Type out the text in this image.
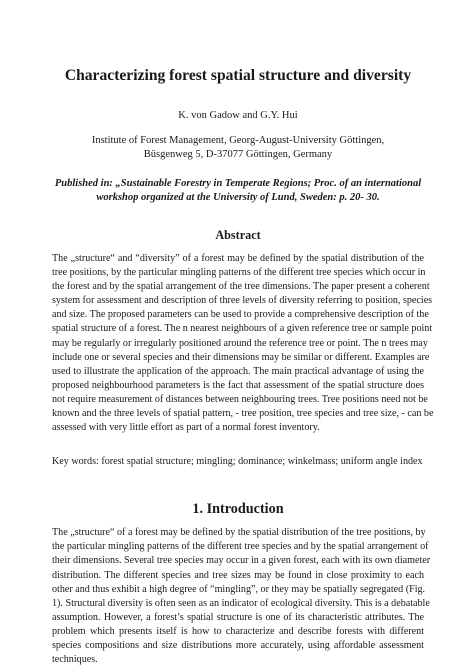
Characterizing forest spatial structure and diversity

K. von Gadow and G.Y. Hui

Institute of Forest Management, Georg-August-University Göttingen,
Büsgenweg 5, D-37077 Göttingen, Germany

Published in: „Sustainable Forestry in Temperate Regions; Proc. of an international
workshop organized at the University of Lund, Sweden: p. 20- 30.

Abstract

The „structure“ and “diversity” of a forest may be defined by the spatial distribution of the
tree positions, by the particular mingling patterns of the different tree species which occur in
the forest and by the spatial arrangement of the tree dimensions. The paper present a coherent
system for assessment and description of three levels of diversity referring to position, species
and size. The proposed parameters can be used to provide a comprehensive description of the
spatial structure of a forest. The n nearest neighbours of a given reference tree or sample point
may be regularly or irregularly positioned around the reference tree or point. The n trees may
include one or several species and their dimensions may be similar or different. Examples are
used to illustrate the application of the approach. The main practical advantage of using the
proposed neighbourhood parameters is the fact that assessment of the spatial structure does
not require measurement of distances between neighbouring trees. Tree positions need not be
known and the three levels of spatial pattern, - tree position, tree species and tree size, - can be
assessed with very little effort as part of a normal forest inventory.

Key words: forest spatial structure; mingling; dominance; winkelmass; uniform angle index

1. Introduction

The „structure“ of a forest may be defined by the spatial distribution of the tree positions, by
the particular mingling patterns of the different tree species and by the spatial arrangement of
their dimensions. Several tree species may occur in a given forest, each with its own diameter
distribution. The different species and tree sizes may be found in close proximity to each
other and thus exhibit a high degree of “mingling”, or they may be spatially segregated (Fig.
1). Structural diversity is often seen as an indicator of ecological diversity. This is a debatable
assumption. However, a forest’s spatial structure is one of its characteristic attributes. The
problem which presents itself is how to characterize and describe forests with different
species compositions and size distributions more accurately, using affordable assessment
techniques.
